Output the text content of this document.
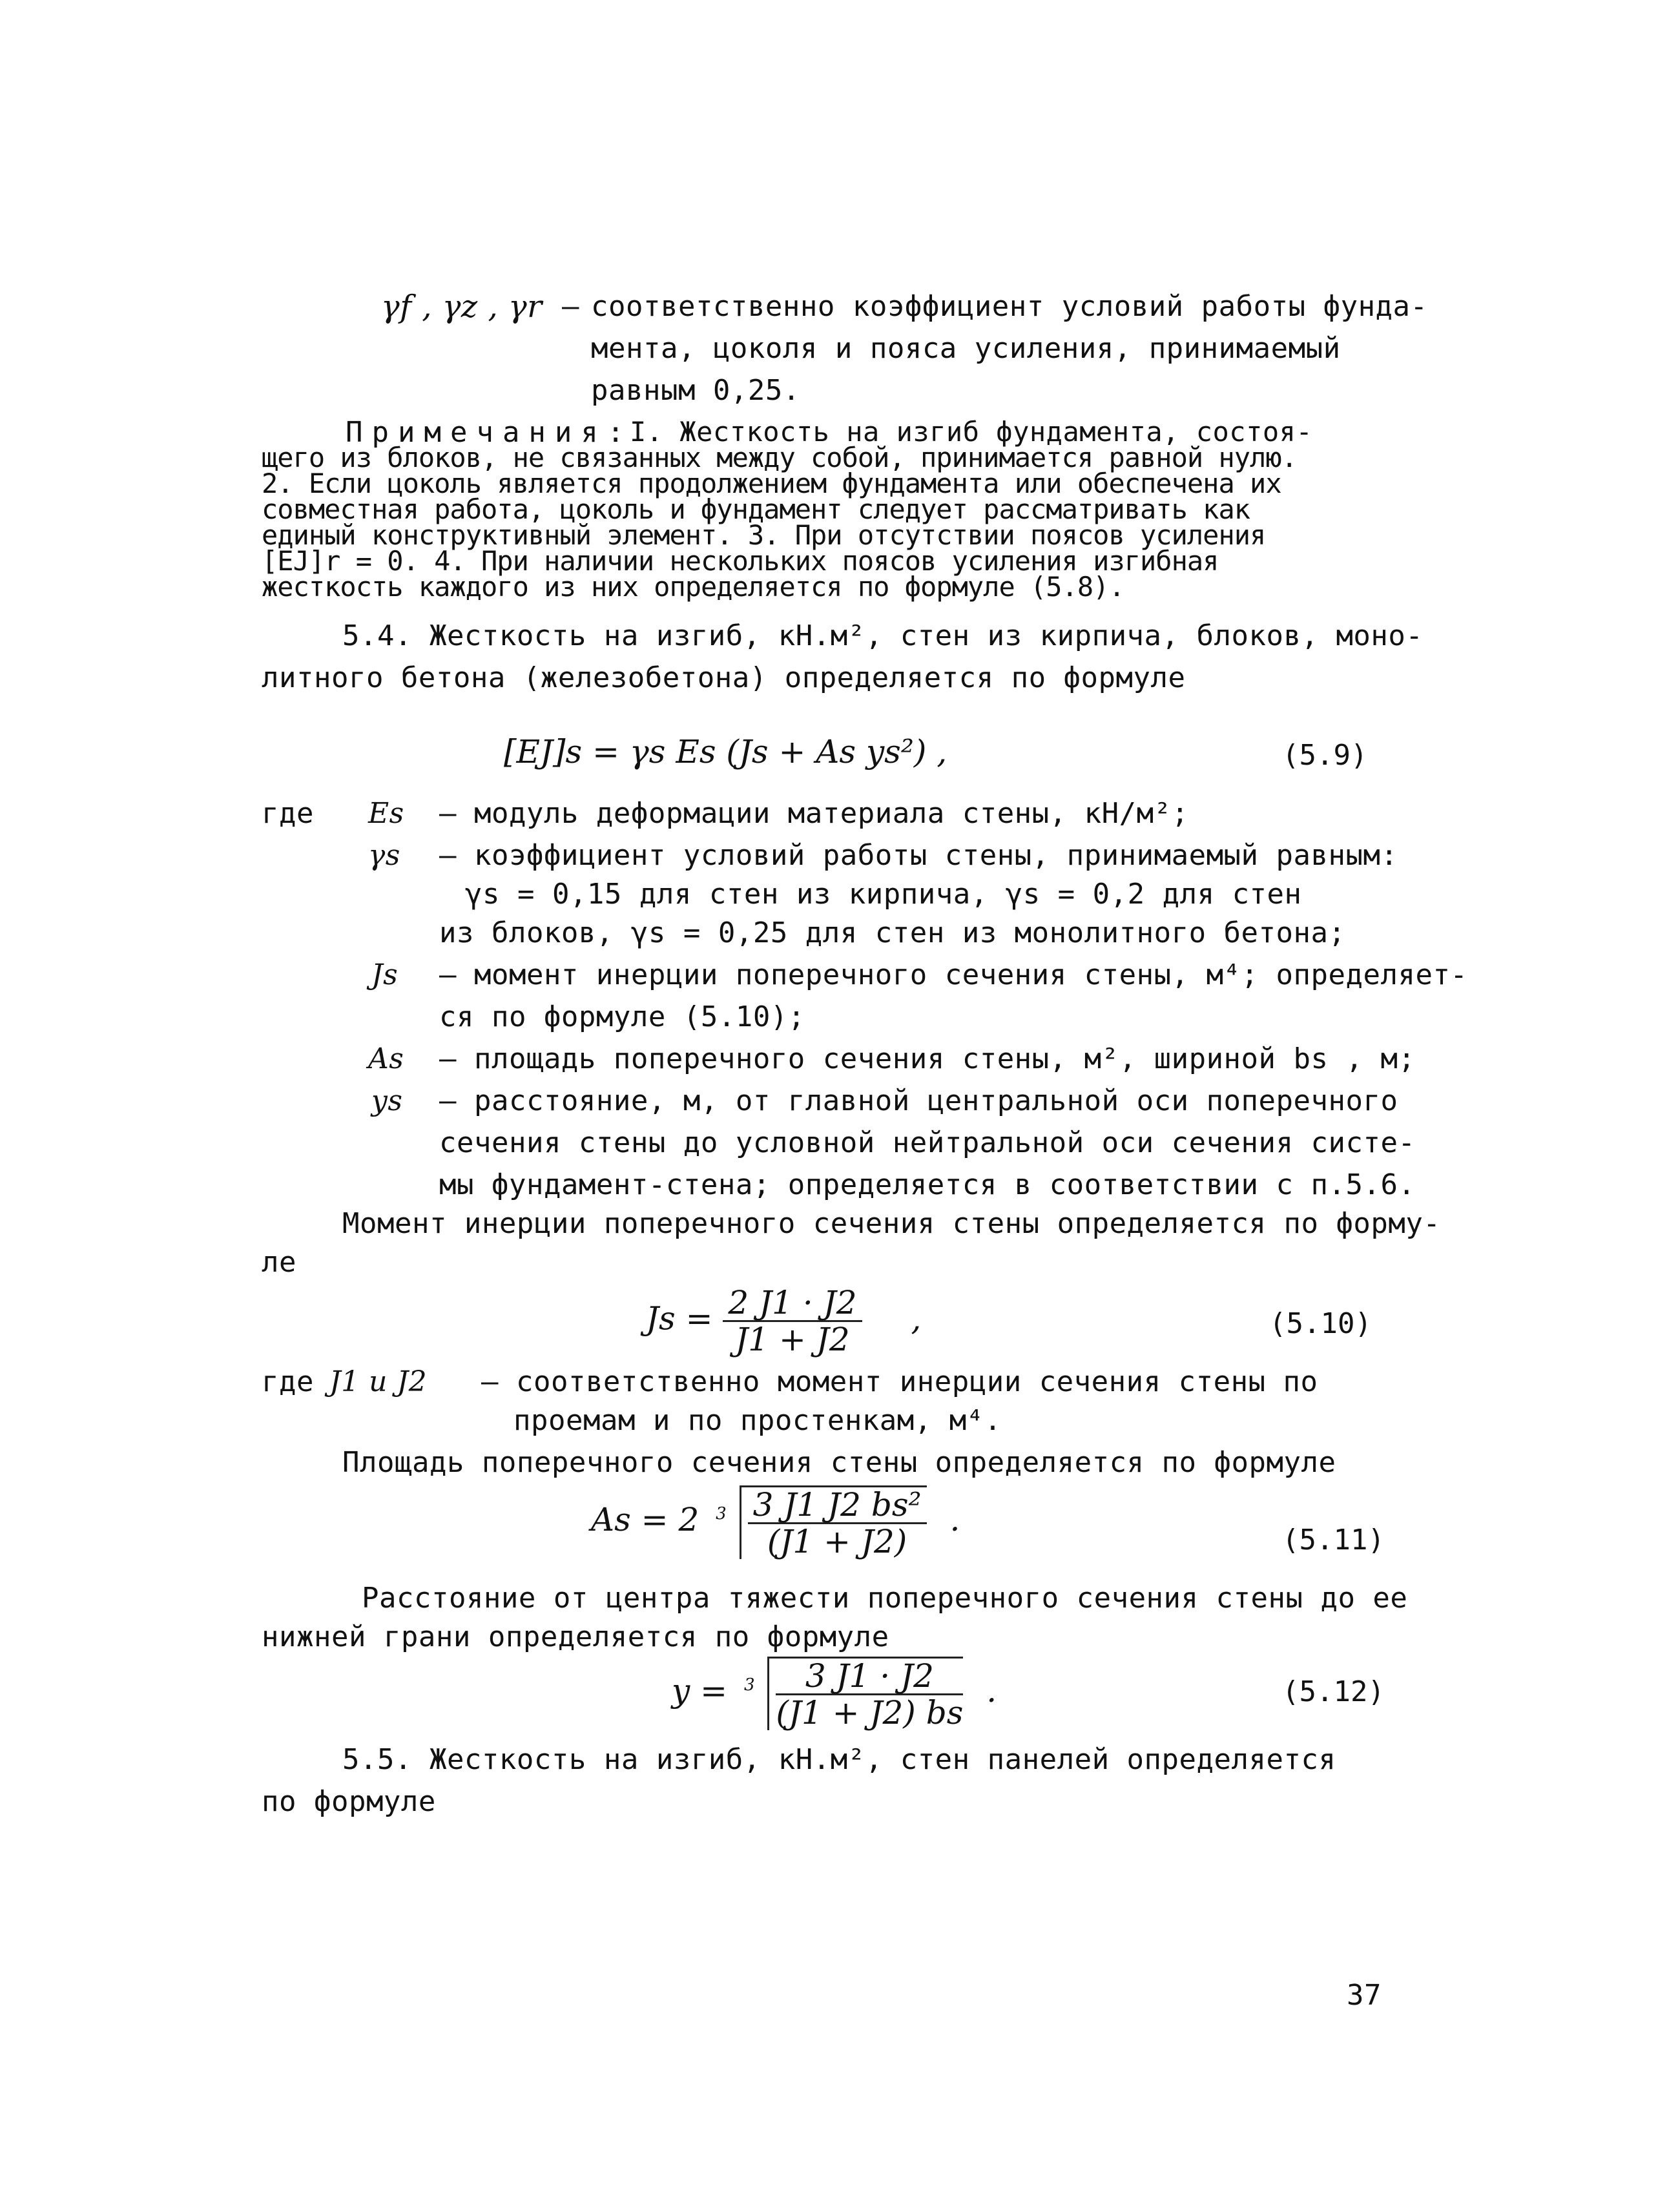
γf , γz , γr – соответственно коэффициент условий работы фунда-
мента, цоколя и пояса усиления, принимаемый
равным 0,25.
Примечания:
I. Жесткость на изгиб фундамента, состоя-
щего из блоков, не связанных между собой, принимается равной нулю.
2. Если цоколь является продолжением фундамента или обеспечена их
совместная работа, цоколь и фундамент следует рассматривать как
единый конструктивный элемент. 3. При отсутствии поясов усиления
[EJ]r = 0. 4. При наличии нескольких поясов усиления изгибная
жесткость каждого из них определяется по формуле (5.8).
5.4. Жесткость на изгиб, кН.м², стен из кирпича, блоков, моно-
литного бетона (железобетона) определяется по формуле
[EJ]s = γs Es (Js + As ys²) ,	(5.9)
где Es – модуль деформации материала стены, кН/м²;
γs – коэффициент условий работы стены, принимаемый равным:
γs = 0,15 для стен из кирпича, γs = 0,2 для стен
из блоков, γs = 0,25 для стен из монолитного бетона;
Js – момент инерции поперечного сечения стены, м⁴; определяет-
ся по формуле (5.10);
As – площадь поперечного сечения стены, м², шириной bs , м;
ys – расстояние, м, от главной центральной оси поперечного
сечения стены до условной нейтральной оси сечения систе-
мы фундамент-стена; определяется в соответствии с п.5.6.
Момент инерции поперечного сечения стены определяется по форму-
ле
$Js = \frac{2 J1 \cdot J2}{J1 + J2}$ ,	(5.10)
где J1 и J2 – соответственно момент инерции сечения стены по
проемам и по простенкам, м⁴.
Площадь поперечного сечения стены определяется по формуле
As = 2 $^3 \frac{\text{3 J1 J2 bs²}}{(J1 + J2)}$ .
(5.11)
Расстояние от центра тяжести поперечного сечения стены до ее
нижней грани определяется по формуле
$y = ^3 \frac{3 J1 \cdot J2}{(J1 + J2) bs}$ .	(5.12)
5.5. Жесткость на изгиб, кН.м², стен панелей определяется
по формуле
37
